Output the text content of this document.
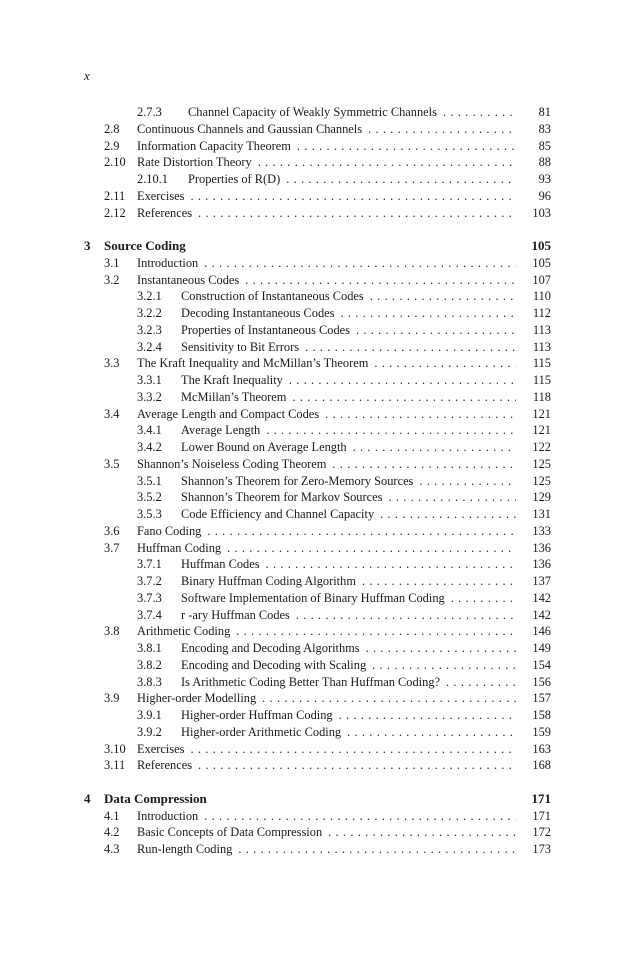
x
2.7.3 Channel Capacity of Weakly Symmetric Channels . . .	81
2.8 Continuous Channels and Gaussian Channels . . .	83
2.9 Information Capacity Theorem . . .	85
2.10 Rate Distortion Theory . . .	88
2.10.1 Properties of R(D) . . .	93
2.11 Exercises . . .	96
2.12 References . . .	103
3 Source Coding	105
3.1 Introduction . . .	105
3.2 Instantaneous Codes . . .	107
3.2.1 Construction of Instantaneous Codes . . .	110
3.2.2 Decoding Instantaneous Codes . . .	112
3.2.3 Properties of Instantaneous Codes . . .	113
3.2.4 Sensitivity to Bit Errors . . .	113
3.3 The Kraft Inequality and McMillan’s Theorem . . .	115
3.3.1 The Kraft Inequality . . .	115
3.3.2 McMillan’s Theorem . . .	118
3.4 Average Length and Compact Codes . . .	121
3.4.1 Average Length . . .	121
3.4.2 Lower Bound on Average Length . . .	122
3.5 Shannon’s Noiseless Coding Theorem . . .	125
3.5.1 Shannon’s Theorem for Zero-Memory Sources . . .	125
3.5.2 Shannon’s Theorem for Markov Sources . . .	129
3.5.3 Code Efficiency and Channel Capacity . . .	131
3.6 Fano Coding . . .	133
3.7 Huffman Coding . . .	136
3.7.1 Huffman Codes . . .	136
3.7.2 Binary Huffman Coding Algorithm . . .	137
3.7.3 Software Implementation of Binary Huffman Coding . . .	142
3.7.4 r -ary Huffman Codes . . .	142
3.8 Arithmetic Coding . . .	146
3.8.1 Encoding and Decoding Algorithms . . .	149
3.8.2 Encoding and Decoding with Scaling . . .	154
3.8.3 Is Arithmetic Coding Better Than Huffman Coding? . . .	156
3.9 Higher-order Modelling . . .	157
3.9.1 Higher-order Huffman Coding . . .	158
3.9.2 Higher-order Arithmetic Coding . . .	159
3.10 Exercises . . .	163
3.11 References . . .	168
4 Data Compression	171
4.1 Introduction . . .	171
4.2 Basic Concepts of Data Compression . . .	172
4.3 Run-length Coding . . .	173
